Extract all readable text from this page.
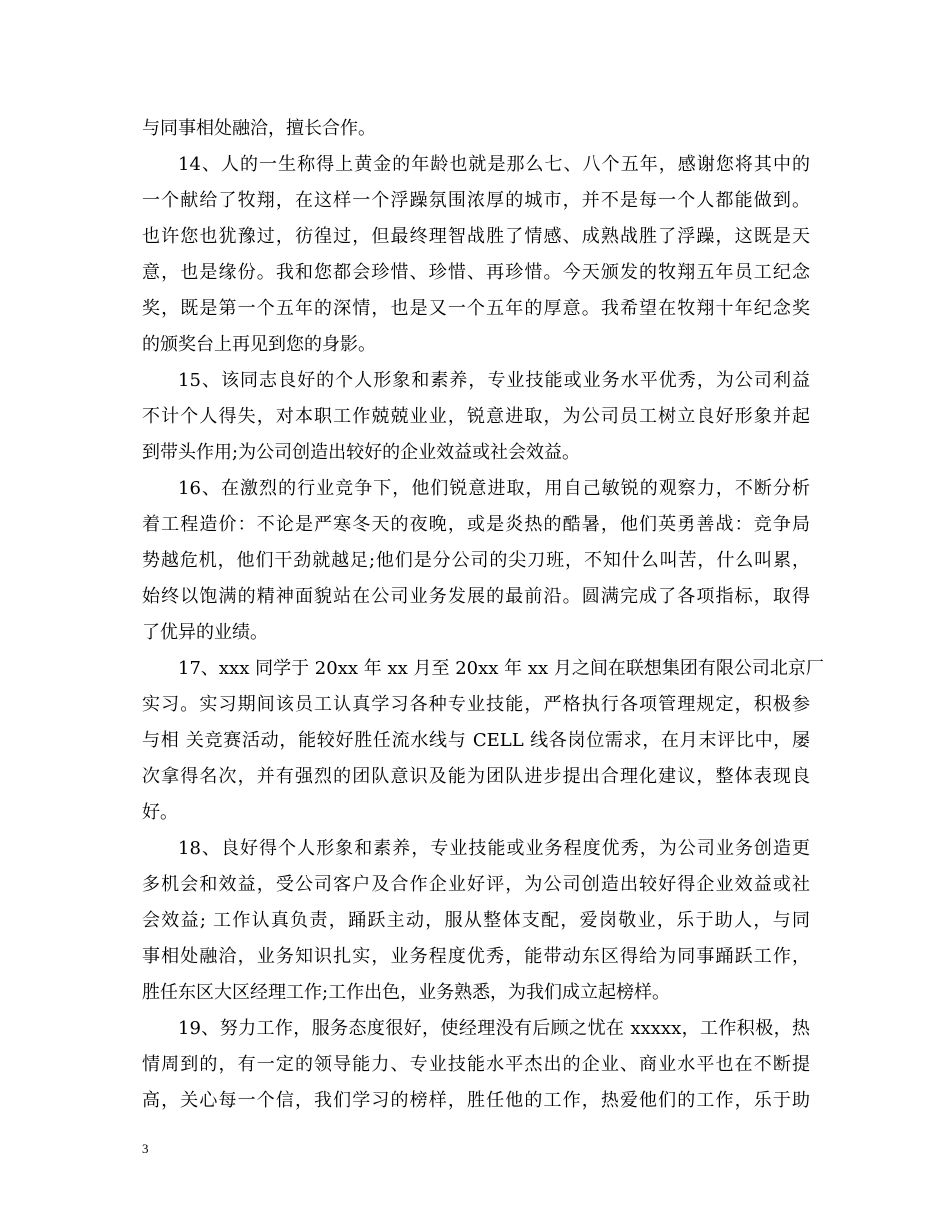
与同事相处融洽，擅长合作。
14、人的一生称得上黄金的年龄也就是那么七、八个五年，感谢您将其中的
一个献给了牧翔，在这样一个浮躁氛围浓厚的城市，并不是每一个人都能做到。
也许您也犹豫过，彷徨过，但最终理智战胜了情感、成熟战胜了浮躁，这既是天
意，也是缘份。我和您都会珍惜、珍惜、再珍惜。今天颁发的牧翔五年员工纪念
奖，既是第一个五年的深情，也是又一个五年的厚意。我希望在牧翔十年纪念奖
的颁奖台上再见到您的身影。
15、该同志良好的个人形象和素养，专业技能或业务水平优秀，为公司利益
不计个人得失，对本职工作兢兢业业，锐意进取，为公司员工树立良好形象并起
到带头作用;为公司创造出较好的企业效益或社会效益。
16、在激烈的行业竞争下，他们锐意进取，用自己敏锐的观察力，不断分析
着工程造价：不论是严寒冬天的夜晚，或是炎热的酷暑，他们英勇善战：竞争局
势越危机，他们干劲就越足;他们是分公司的尖刀班，不知什么叫苦，什么叫累，
始终以饱满的精神面貌站在公司业务发展的最前沿。圆满完成了各项指标，取得
了优异的业绩。
17、xxx 同学于 20xx 年 xx 月至 20xx 年 xx 月之间在联想集团有限公司北京厂
实习。实习期间该员工认真学习各种专业技能，严格执行各项管理规定，积极参
与相 关竞赛活动，能较好胜任流水线与 CELL 线各岗位需求，在月末评比中，屡
次拿得名次，并有强烈的团队意识及能为团队进步提出合理化建议，整体表现良
好。
18、良好得个人形象和素养，专业技能或业务程度优秀，为公司业务创造更
多机会和效益，受公司客户及合作企业好评，为公司创造出较好得企业效益或社
会效益; 工作认真负责，踊跃主动，服从整体支配，爱岗敬业，乐于助人，与同
事相处融洽，业务知识扎实，业务程度优秀，能带动东区得给为同事踊跃工作，
胜任东区大区经理工作;工作出色，业务熟悉，为我们成立起榜样。
19、努力工作，服务态度很好，使经理没有后顾之忧在 xxxxx，工作积极，热
情周到的，有一定的领导能力、专业技能水平杰出的企业、商业水平也在不断提
高，关心每一个信，我们学习的榜样，胜任他的工作，热爱他们的工作，乐于助
3
